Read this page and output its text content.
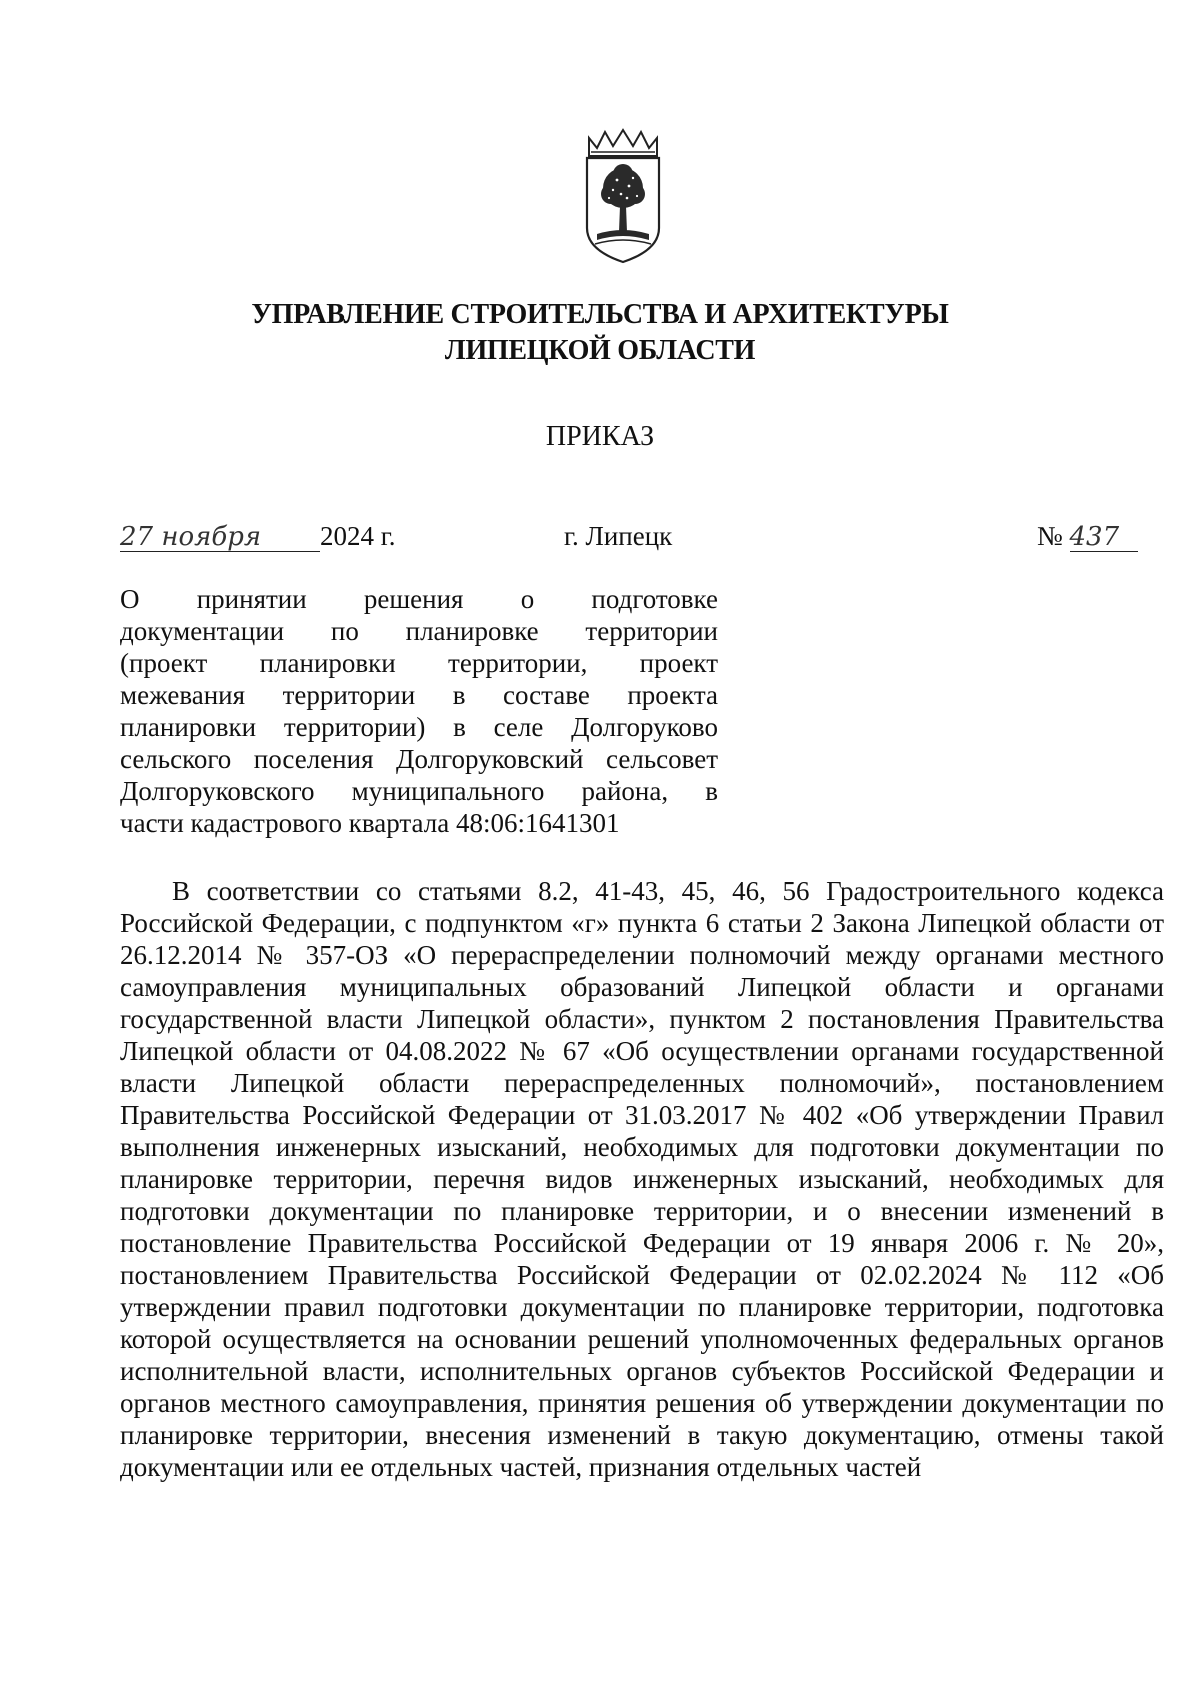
УПРАВЛЕНИЕ СТРОИТЕЛЬСТВА И АРХИТЕКТУРЫ
ЛИПЕЦКОЙ ОБЛАСТИ
ПРИКАЗ
27 ноября 2024 г.	г. Липецк	№ 437
О принятии решения о подготовке
документации по планировке территории
(проект планировки территории, проект
межевания территории в составе проекта
планировки территории) в селе Долгоруково
сельского поселения Долгоруковский сельсовет
Долгоруковского муниципального района, в
части кадастрового квартала 48:06:1641301
В соответствии со статьями 8.2, 41-43, 45, 46, 56 Градостроительного кодекса Российской Федерации, с подпунктом «г» пункта 6 статьи 2 Закона Липецкой области от 26.12.2014 № 357-ОЗ «О перераспределении полномочий между органами местного самоуправления муниципальных образований Липецкой области и органами государственной власти Липецкой области», пунктом 2 постановления Правительства Липецкой области от 04.08.2022 № 67 «Об осуществлении органами государственной власти Липецкой области перераспределенных полномочий», постановлением Правительства Российской Федерации от 31.03.2017 № 402 «Об утверждении Правил выполнения инженерных изысканий, необходимых для подготовки документации по планировке территории, перечня видов инженерных изысканий, необходимых для подготовки документации по планировке территории, и о внесении изменений в постановление Правительства Российской Федерации от 19 января 2006 г. № 20», постановлением Правительства Российской Федерации от 02.02.2024 № 112 «Об утверждении правил подготовки документации по планировке территории, подготовка которой осуществляется на основании решений уполномоченных федеральных органов исполнительной власти, исполнительных органов субъектов Российской Федерации и органов местного самоуправления, принятия решения об утверждении документации по планировке территории, внесения изменений в такую документацию, отмены такой документации или ее отдельных частей, признания отдельных частей
